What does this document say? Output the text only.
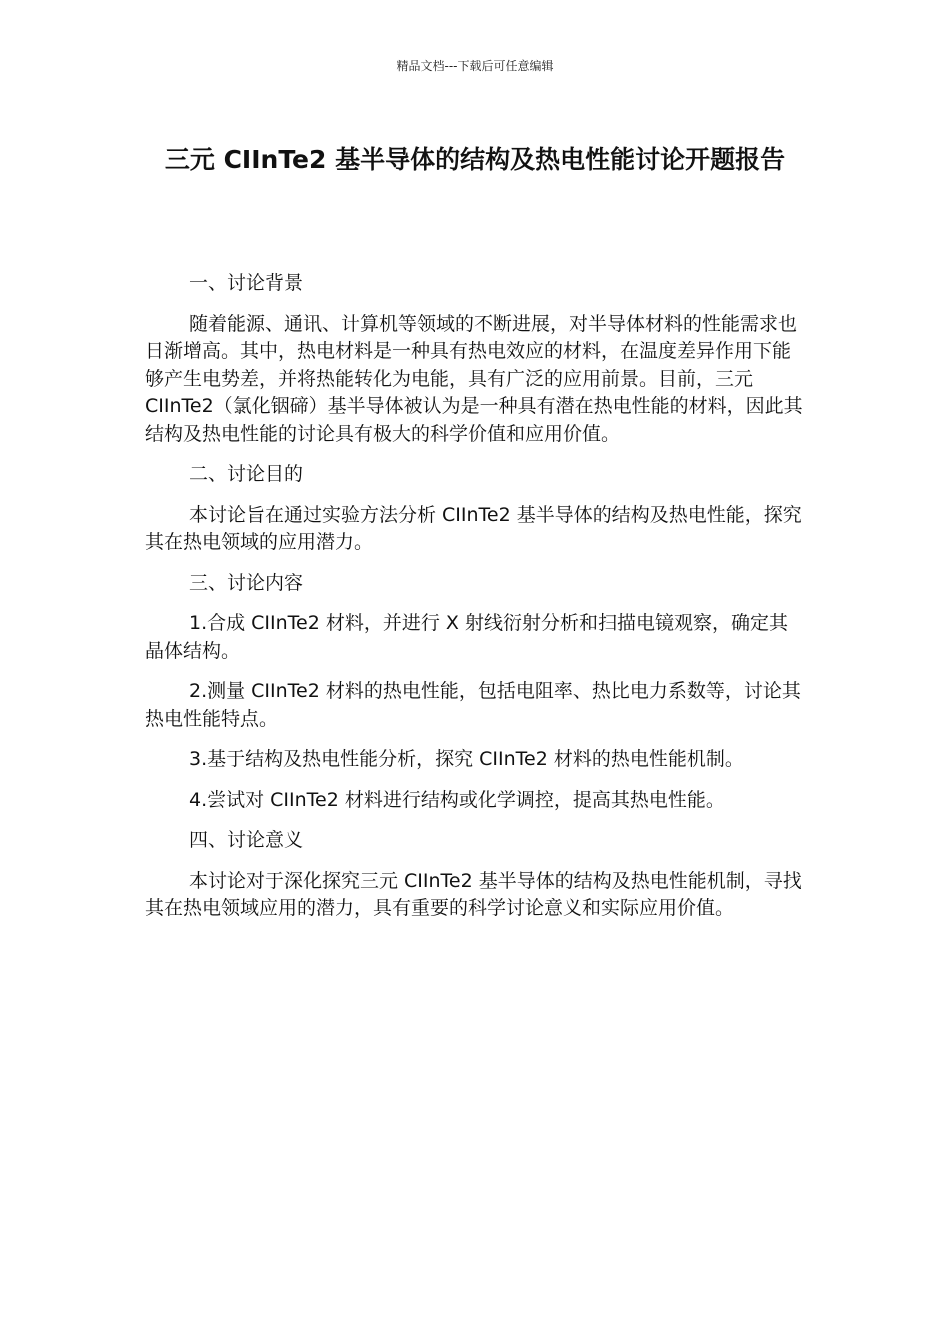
精品文档---下载后可任意编辑
三元 CIInTe2 基半导体的结构及热电性能讨论开题报告

一、讨论背景

随着能源、通讯、计算机等领域的不断进展，对半导体材料的性能需求也日渐增高。其中，热电材料是一种具有热电效应的材料，在温度差异作用下能够产生电势差，并将热能转化为电能，具有广泛的应用前景。目前，三元 CIInTe2（氯化铟碲）基半导体被认为是一种具有潜在热电性能的材料，因此其结构及热电性能的讨论具有极大的科学价值和应用价值。

二、讨论目的

本讨论旨在通过实验方法分析 CIInTe2 基半导体的结构及热电性能，探究其在热电领域的应用潜力。

三、讨论内容

1.合成 CIInTe2 材料，并进行 X 射线衍射分析和扫描电镜观察，确定其晶体结构。

2.测量 CIInTe2 材料的热电性能，包括电阻率、热比电力系数等，讨论其热电性能特点。

3.基于结构及热电性能分析，探究 CIInTe2 材料的热电性能机制。

4.尝试对 CIInTe2 材料进行结构或化学调控，提高其热电性能。

四、讨论意义

本讨论对于深化探究三元 CIInTe2 基半导体的结构及热电性能机制，寻找其在热电领域应用的潜力，具有重要的科学讨论意义和实际应用价值。
